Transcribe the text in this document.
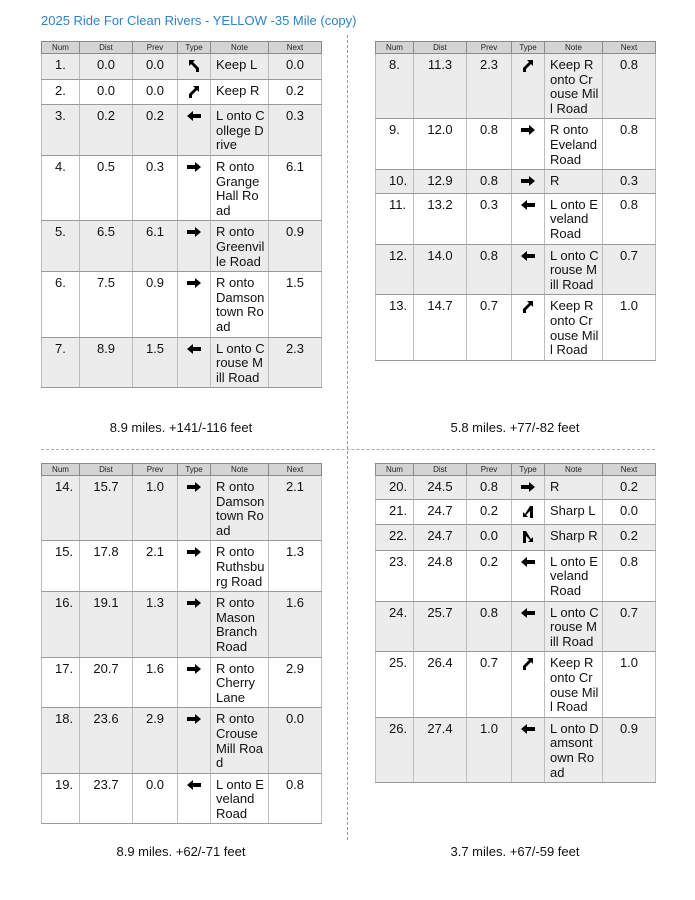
2025 Ride For Clean Rivers - YELLOW -35 Mile (copy)
Num	Dist	Prev	Type	Note	Next
1.	0.0	0.0		Keep L	0.0
2.	0.0	0.0		Keep R	0.2
3.	0.2	0.2		L onto College Drive	0.3
4.	0.5	0.3		R onto Grange Hall Road	6.1
5.	6.5	6.1		R onto Greenville Road	0.9
6.	7.5	0.9		R onto Damsontown Road	1.5
7.	8.9	1.5		L onto Crouse Mill Road	2.3
8.9 miles. +141/-116 feet
Num	Dist	Prev	Type	Note	Next
8.	11.3	2.3		Keep R onto Crouse Mill Road	0.8
9.	12.0	0.8		R onto Eveland Road	0.8
10.	12.9	0.8		R	0.3
11.	13.2	0.3		L onto Eveland Road	0.8
12.	14.0	0.8		L onto Crouse Mill Road	0.7
13.	14.7	0.7		Keep R onto Crouse Mill Road	1.0
5.8 miles. +77/-82 feet
Num	Dist	Prev	Type	Note	Next
14.	15.7	1.0		R onto Damsontown Road	2.1
15.	17.8	2.1		R onto Ruthsburg Road	1.3
16.	19.1	1.3		R onto Mason Branch Road	1.6
17.	20.7	1.6		R onto Cherry Lane	2.9
18.	23.6	2.9		R onto Crouse Mill Road	0.0
19.	23.7	0.0		L onto Eveland Road	0.8
8.9 miles. +62/-71 feet
Num	Dist	Prev	Type	Note	Next
20.	24.5	0.8		R	0.2
21.	24.7	0.2		Sharp L	0.0
22.	24.7	0.0		Sharp R	0.2
23.	24.8	0.2		L onto Eveland Road	0.8
24.	25.7	0.8		L onto Crouse Mill Road	0.7
25.	26.4	0.7		Keep R onto Crouse Mill Road	1.0
26.	27.4	1.0		L onto Damsontown Road	0.9
3.7 miles. +67/-59 feet
